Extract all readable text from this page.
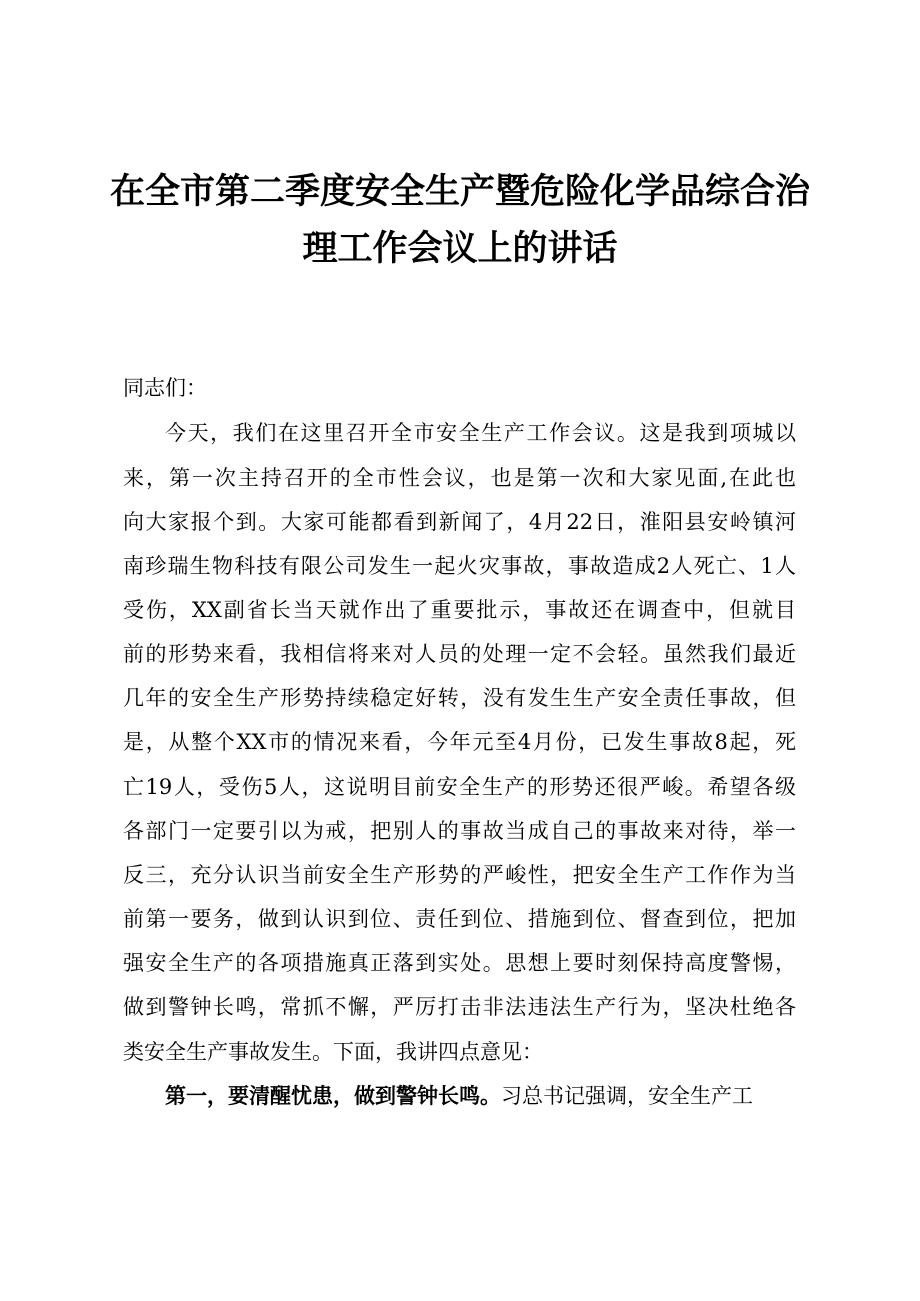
在全市第二季度安全生产暨危险化学品综合治
理工作会议上的讲话
同志们：
今天，我们在这里召开全市安全生产工作会议。这是我到项城以
来，第一次主持召开的全市性会议，也是第一次和大家见面,在此也
向大家报个到。大家可能都看到新闻了，4月22日，淮阳县安岭镇河
南珍瑞生物科技有限公司发生一起火灾事故，事故造成2人死亡、1人
受伤，XX副省长当天就作出了重要批示，事故还在调查中，但就目
前的形势来看，我相信将来对人员的处理一定不会轻。虽然我们最近
几年的安全生产形势持续稳定好转，没有发生生产安全责任事故，但
是，从整个XX市的情况来看，今年元至4月份，已发生事故8起，死
亡19人，受伤5人，这说明目前安全生产的形势还很严峻。希望各级
各部门一定要引以为戒，把别人的事故当成自己的事故来对待，举一
反三，充分认识当前安全生产形势的严峻性，把安全生产工作作为当
前第一要务，做到认识到位、责任到位、措施到位、督查到位，把加
强安全生产的各项措施真正落到实处。思想上要时刻保持高度警惕，
做到警钟长鸣，常抓不懈，严厉打击非法违法生产行为，坚决杜绝各
类安全生产事故发生。下面，我讲四点意见：
第一，要清醒忧患，做到警钟长鸣。习总书记强调，安全生产工
